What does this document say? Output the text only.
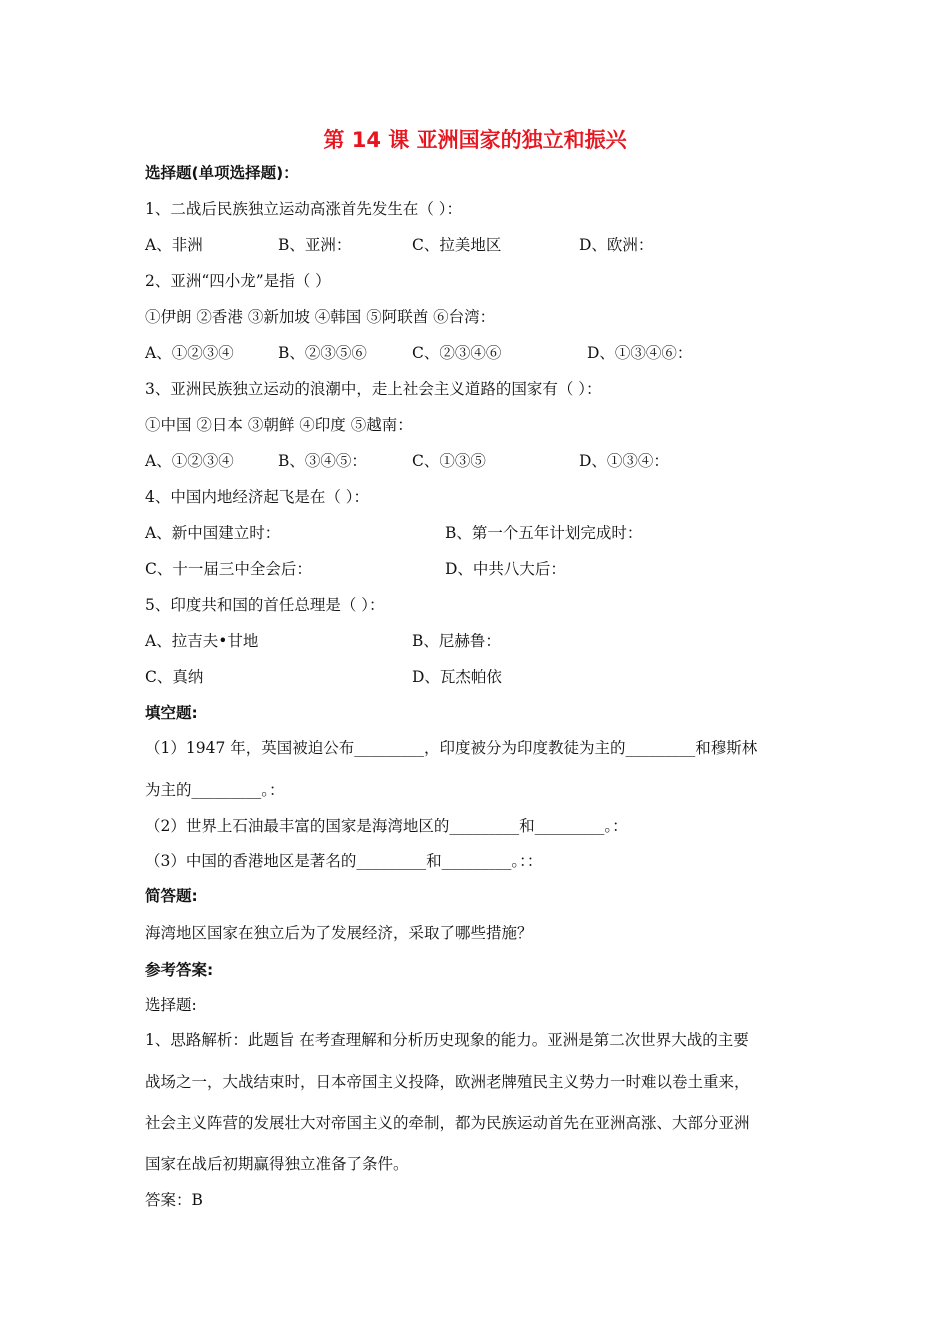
第 14 课 亚洲国家的独立和振兴
选择题(单项选择题)：
1、二战后民族独立运动高涨首先发生在（ ）：
A、非洲	B、亚洲：	C、拉美地区	D、欧洲：
2、亚洲“四小龙”是指（ ）
①伊朗 ②香港 ③新加坡 ④韩国 ⑤阿联酋 ⑥台湾：
A、①②③④	B、②③⑤⑥	C、②③④⑥	D、①③④⑥：
3、亚洲民族独立运动的浪潮中，走上社会主义道路的国家有（ ）：
①中国 ②日本 ③朝鲜 ④印度 ⑤越南：
A、①②③④	B、③④⑤：	C、①③⑤	D、①③④：
4、中国内地经济起飞是在（ ）：
A、新中国建立时：	B、第一个五年计划完成时：
C、十一届三中全会后：	D、中共八大后：
5、印度共和国的首任总理是（ ）：
A、拉吉夫•甘地	B、尼赫鲁：
C、真纳	D、瓦杰帕依
填空题:
（1）1947 年，英国被迫公布_________，印度被分为印度教徒为主的_________和穆斯林
为主的_________。：
（2）世界上石油最丰富的国家是海湾地区的_________和_________。：
（3）中国的香港地区是著名的_________和_________。：：
简答题:
海湾地区国家在独立后为了发展经济，采取了哪些措施？
参考答案:
选择题:
1、思路解析：此题旨 在考查理解和分析历史现象的能力。亚洲是第二次世界大战的主要
战场之一，大战结束时，日本帝国主义投降，欧洲老牌殖民主义势力一时难以卷土重来，
社会主义阵营的发展壮大对帝国主义的牵制，都为民族运动首先在亚洲高涨、大部分亚洲
国家在战后初期赢得独立准备了条件。
答案：B
